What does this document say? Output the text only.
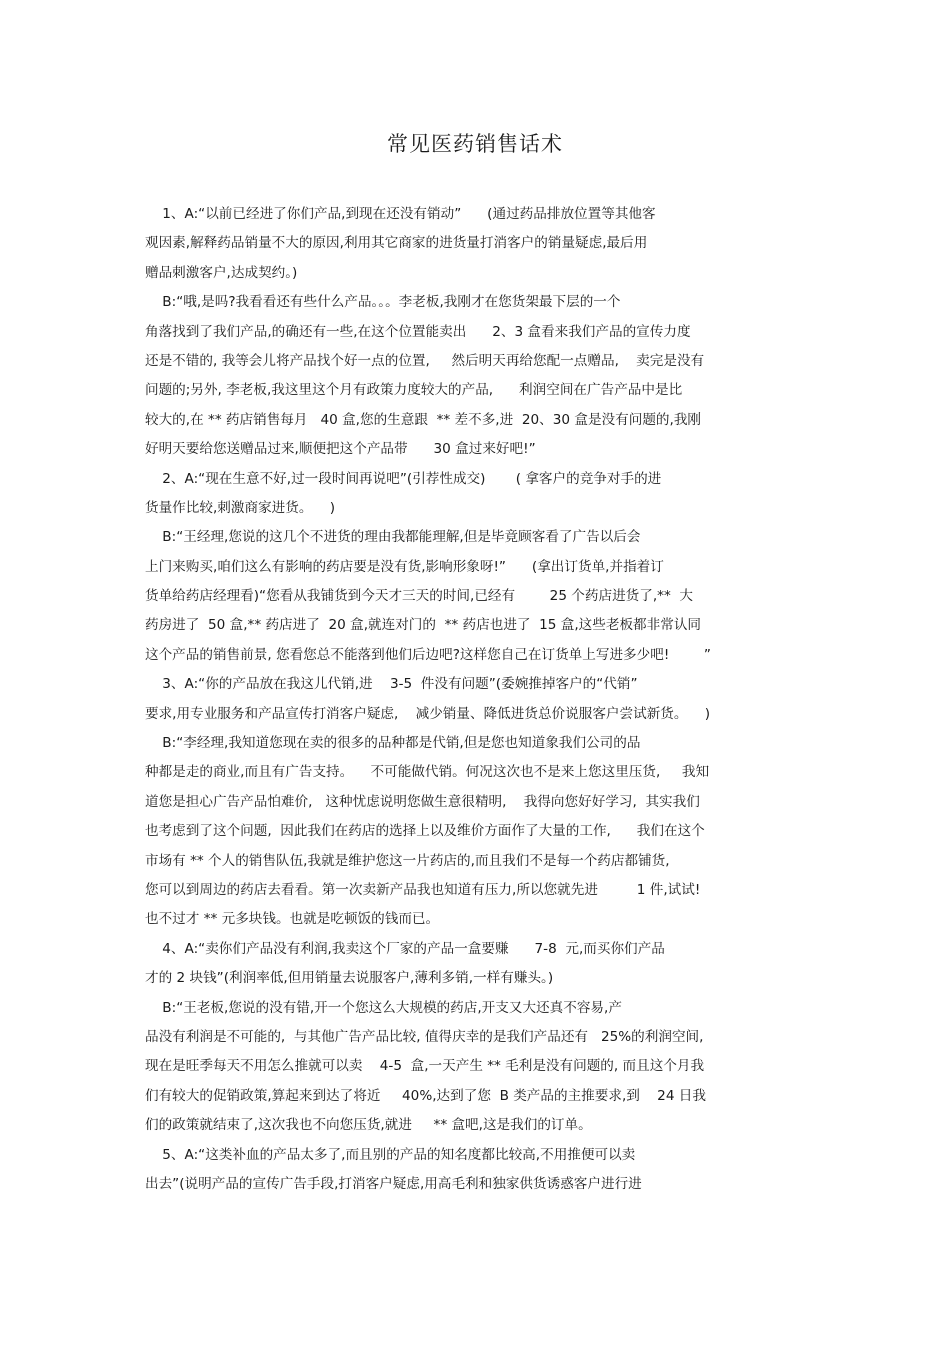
常见医药销售话术
1、A:“以前已经进了你们产品,到现在还没有销动”      (通过药品排放位置等其他客
观因素,解释药品销量不大的原因,利用其它商家的进货量打消客户的销量疑虑,最后用
赠品刺激客户,达成契约。)
B:“哦,是吗?我看看还有些什么产品。。。李老板,我刚才在您货架最下层的一个
角落找到了我们产品,的确还有一些,在这个位置能卖出      2、3 盒看来我们产品的宣传力度
还是不错的, 我等会儿将产品找个好一点的位置,     然后明天再给您配一点赠品,    卖完是没有
问题的;另外, 李老板,我这里这个月有政策力度较大的产品,      利润空间在广告产品中是比
较大的,在 ** 药店销售每月   40 盒,您的生意跟  ** 差不多,进  20、30 盒是没有问题的,我刚
好明天要给您送赠品过来,顺便把这个产品带      30 盒过来好吧!”
2、A:“现在生意不好,过一段时间再说吧”(引荐性成交)       ( 拿客户的竞争对手的进
货量作比较,刺激商家进货。    )
B:“王经理,您说的这几个不进货的理由我都能理解,但是毕竟顾客看了广告以后会
上门来购买,咱们这么有影响的药店要是没有货,影响形象呀!”      (拿出订货单,并指着订
货单给药店经理看)“您看从我铺货到今天才三天的时间,已经有        25 个药店进货了,**  大
药房进了  50 盒,** 药店进了  20 盒,就连对门的  ** 药店也进了  15 盒,这些老板都非常认同
这个产品的销售前景, 您看您总不能落到他们后边吧?这样您自己在订货单上写进多少吧!        ”
3、A:“你的产品放在我这儿代销,进    3-5  件没有问题”(委婉推掉客户的“代销”
要求,用专业服务和产品宣传打消客户疑虑,    减少销量、降低进货总价说服客户尝试新货。    )
B:“李经理,我知道您现在卖的很多的品种都是代销,但是您也知道象我们公司的品
种都是走的商业,而且有广告支持。    不可能做代销。何况这次也不是来上您这里压货,     我知
道您是担心广告产品怕难价,   这种忧虑说明您做生意很精明,    我得向您好好学习,  其实我们
也考虑到了这个问题,  因此我们在药店的选择上以及维价方面作了大量的工作,      我们在这个
市场有 ** 个人的销售队伍,我就是维护您这一片药店的,而且我们不是每一个药店都铺货,
您可以到周边的药店去看看。第一次卖新产品我也知道有压力,所以您就先进         1 件,试试!
也不过才 ** 元多块钱。也就是吃顿饭的钱而已。
4、A:“卖你们产品没有利润,我卖这个厂家的产品一盒要赚      7-8  元,而买你们产品
才的 2 块钱”(利润率低,但用销量去说服客户,薄利多销,一样有赚头。)
B:“王老板,您说的没有错,开一个您这么大规模的药店,开支又大还真不容易,产
品没有利润是不可能的,  与其他广告产品比较, 值得庆幸的是我们产品还有   25%的利润空间,
现在是旺季每天不用怎么推就可以卖    4-5  盒,一天产生 ** 毛利是没有问题的, 而且这个月我
们有较大的促销政策,算起来到达了将近     40%,达到了您  B 类产品的主推要求,到    24 日我
们的政策就结束了,这次我也不向您压货,就进     ** 盒吧,这是我们的订单。
5、A:“这类补血的产品太多了,而且别的产品的知名度都比较高,不用推便可以卖
出去”(说明产品的宣传广告手段,打消客户疑虑,用高毛利和独家供货诱惑客户进行进
